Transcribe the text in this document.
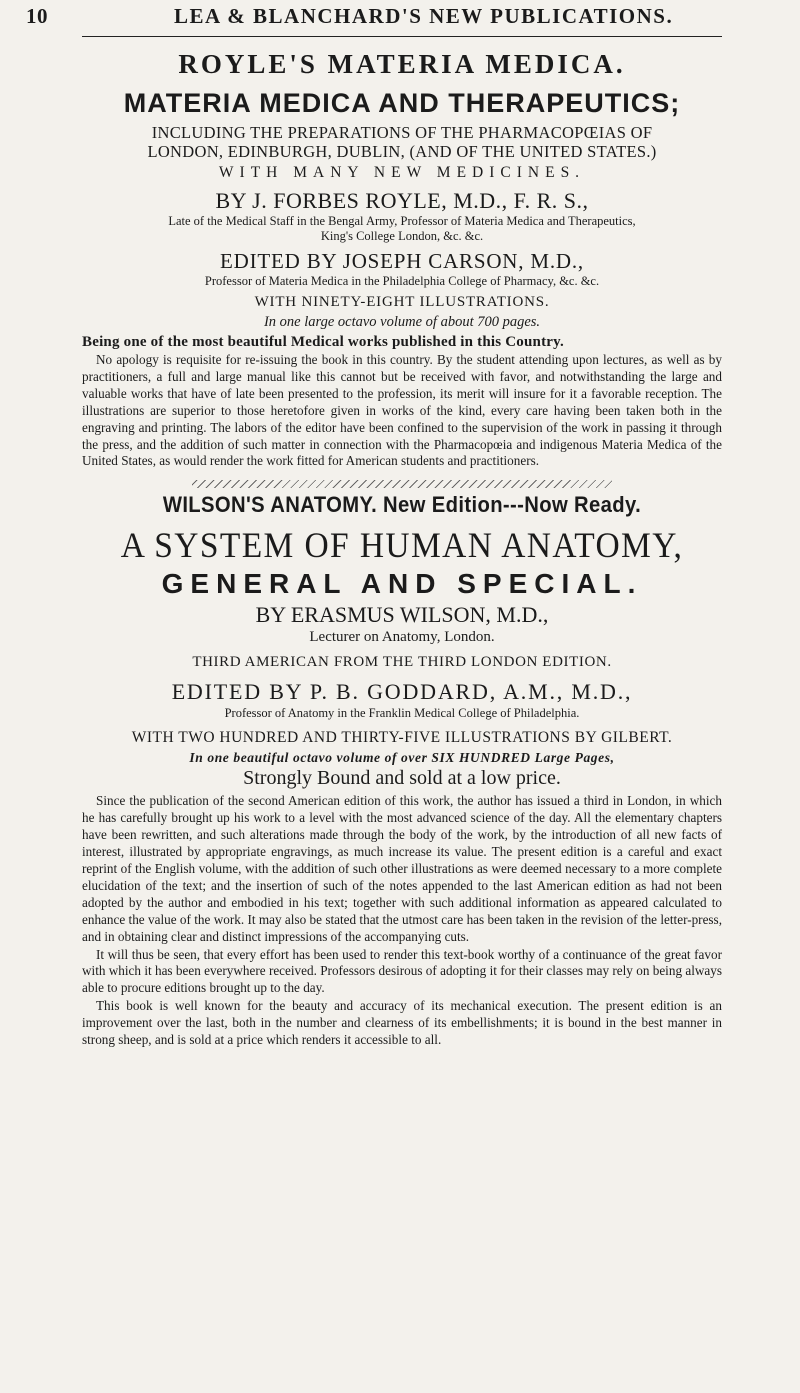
10	LEA & BLANCHARD'S NEW PUBLICATIONS.
ROYLE'S MATERIA MEDICA.
MATERIA MEDICA AND THERAPEUTICS;
INCLUDING THE PREPARATIONS OF THE PHARMACOPŒIAS OF
LONDON, EDINBURGH, DUBLIN, (AND OF THE UNITED STATES.)
WITH MANY NEW MEDICINES.
BY J. FORBES ROYLE, M.D., F. R. S.,
Late of the Medical Staff in the Bengal Army, Professor of Materia Medica and Therapeutics,
King's College London, &c. &c.
EDITED BY JOSEPH CARSON, M.D.,
Professor of Materia Medica in the Philadelphia College of Pharmacy, &c. &c.
WITH NINETY-EIGHT ILLUSTRATIONS.
In one large octavo volume of about 700 pages.
Being one of the most beautiful Medical works published in this Country.

No apology is requisite for re-issuing the book in this country. By the student attending upon lectures, as well as by practitioners, a full and large manual like this cannot but be received with favor, and notwithstanding the large and valuable works that have of late been presented to the profession, its merit will insure for it a favorable reception. The illustrations are superior to those heretofore given in works of the kind, every care having been taken both in the engraving and printing. The labors of the editor have been confined to the supervision of the work in passing it through the press, and the addition of such matter in connection with the Pharmacopœia and indigenous Materia Medica of the United States, as would render the work fitted for American students and practitioners.

WILSON'S ANATOMY. New Edition---Now Ready.
A SYSTEM OF HUMAN ANATOMY,
GENERAL AND SPECIAL.
BY ERASMUS WILSON, M.D.,
Lecturer on Anatomy, London.
THIRD AMERICAN FROM THE THIRD LONDON EDITION.
EDITED BY P. B. GODDARD, A.M., M.D.,
Professor of Anatomy in the Franklin Medical College of Philadelphia.
WITH TWO HUNDRED AND THIRTY-FIVE ILLUSTRATIONS BY GILBERT.
In one beautiful octavo volume of over SIX HUNDRED Large Pages,
Strongly Bound and sold at a low price.

Since the publication of the second American edition of this work, the author has issued a third in London, in which he has carefully brought up his work to a level with the most advanced science of the day. All the elementary chapters have been rewritten, and such alterations made through the body of the work, by the introduction of all new facts of interest, illustrated by appropriate engravings, as much increase its value. The present edition is a careful and exact reprint of the English volume, with the addition of such other illustrations as were deemed necessary to a more complete elucidation of the text; and the insertion of such of the notes appended to the last American edition as had not been adopted by the author and embodied in his text; together with such additional information as appeared calculated to enhance the value of the work. It may also be stated that the utmost care has been taken in the revision of the letter-press, and in obtaining clear and distinct impressions of the accompanying cuts.

It will thus be seen, that every effort has been used to render this text-book worthy of a continuance of the great favor with which it has been everywhere received. Professors desirous of adopting it for their classes may rely on being always able to procure editions brought up to the day.

This book is well known for the beauty and accuracy of its mechanical execution. The present edition is an improvement over the last, both in the number and clearness of its embellishments; it is bound in the best manner in strong sheep, and is sold at a price which renders it accessible to all.
